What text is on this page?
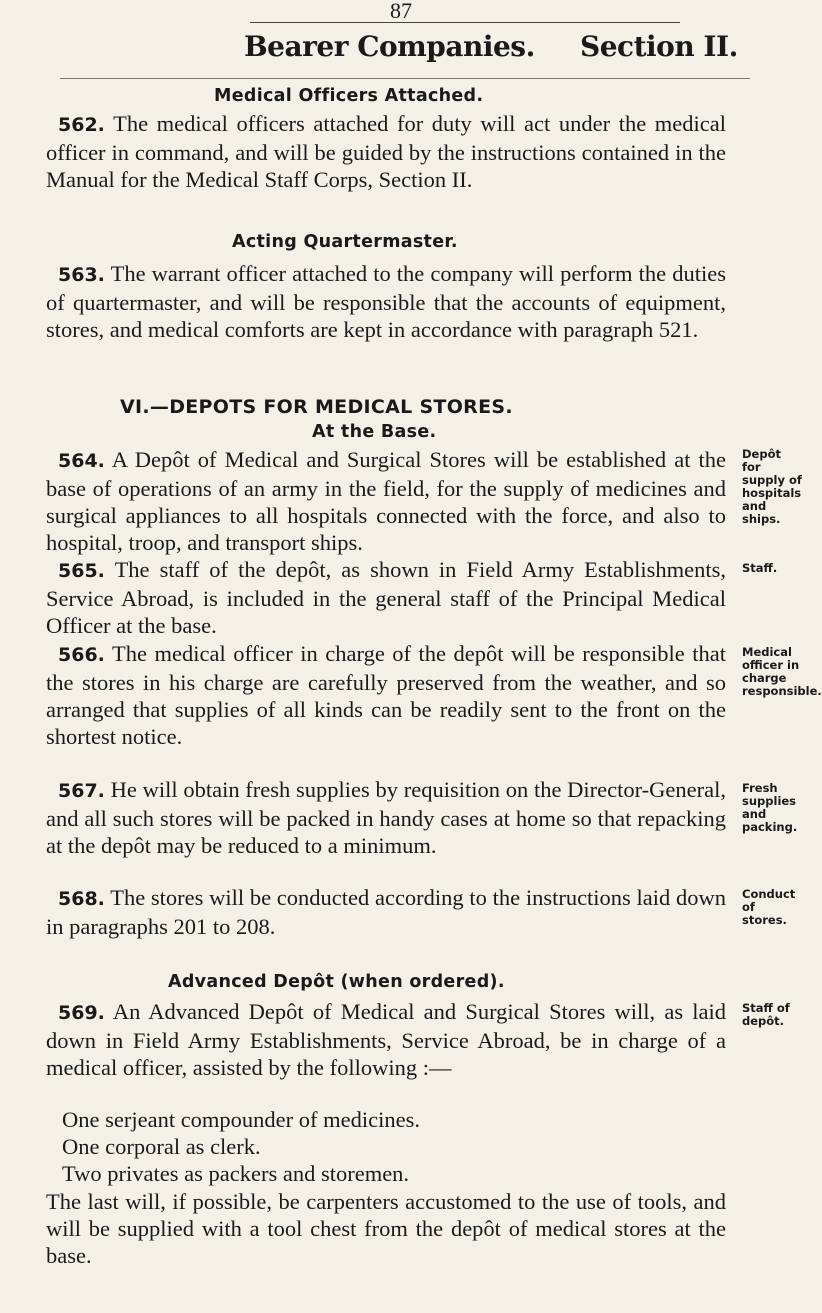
87
Bearer Companies. Section II.
Medical Officers Attached.
562. The medical officers attached for duty will act under the medical officer in command, and will be guided by the instructions contained in the Manual for the Medical Staff Corps, Section II.
Acting Quartermaster.
563. The warrant officer attached to the company will perform the duties of quartermaster, and will be responsible that the accounts of equipment, stores, and medical comforts are kept in accordance with paragraph 521.
VI.—DEPOTS FOR MEDICAL STORES.
At the Base.
564. A Depôt of Medical and Surgical Stores will be established at the base of operations of an army in the field, for the supply of medicines and surgical appliances to all hospitals connected with the force, and also to hospital, troop, and transport ships.
Depôt for supply of hospitals and ships.
565. The staff of the depôt, as shown in Field Army Establishments, Service Abroad, is included in the general staff of the Principal Medical Officer at the base.
Staff.
566. The medical officer in charge of the depôt will be responsible that the stores in his charge are carefully preserved from the weather, and so arranged that supplies of all kinds can be readily sent to the front on the shortest notice.
Medical officer in charge responsible.
567. He will obtain fresh supplies by requisition on the Director-General, and all such stores will be packed in handy cases at home so that repacking at the depôt may be reduced to a minimum.
Fresh supplies and packing.
568. The stores will be conducted according to the instructions laid down in paragraphs 201 to 208.
Conduct of stores.
Advanced Depôt (when ordered).
569. An Advanced Depôt of Medical and Surgical Stores will, as laid down in Field Army Establishments, Service Abroad, be in charge of a medical officer, assisted by the following :—
Staff of depôt.
One serjeant compounder of medicines.
One corporal as clerk.
Two privates as packers and storemen.
The last will, if possible, be carpenters accustomed to the use of tools, and will be supplied with a tool chest from the depôt of medical stores at the base.
